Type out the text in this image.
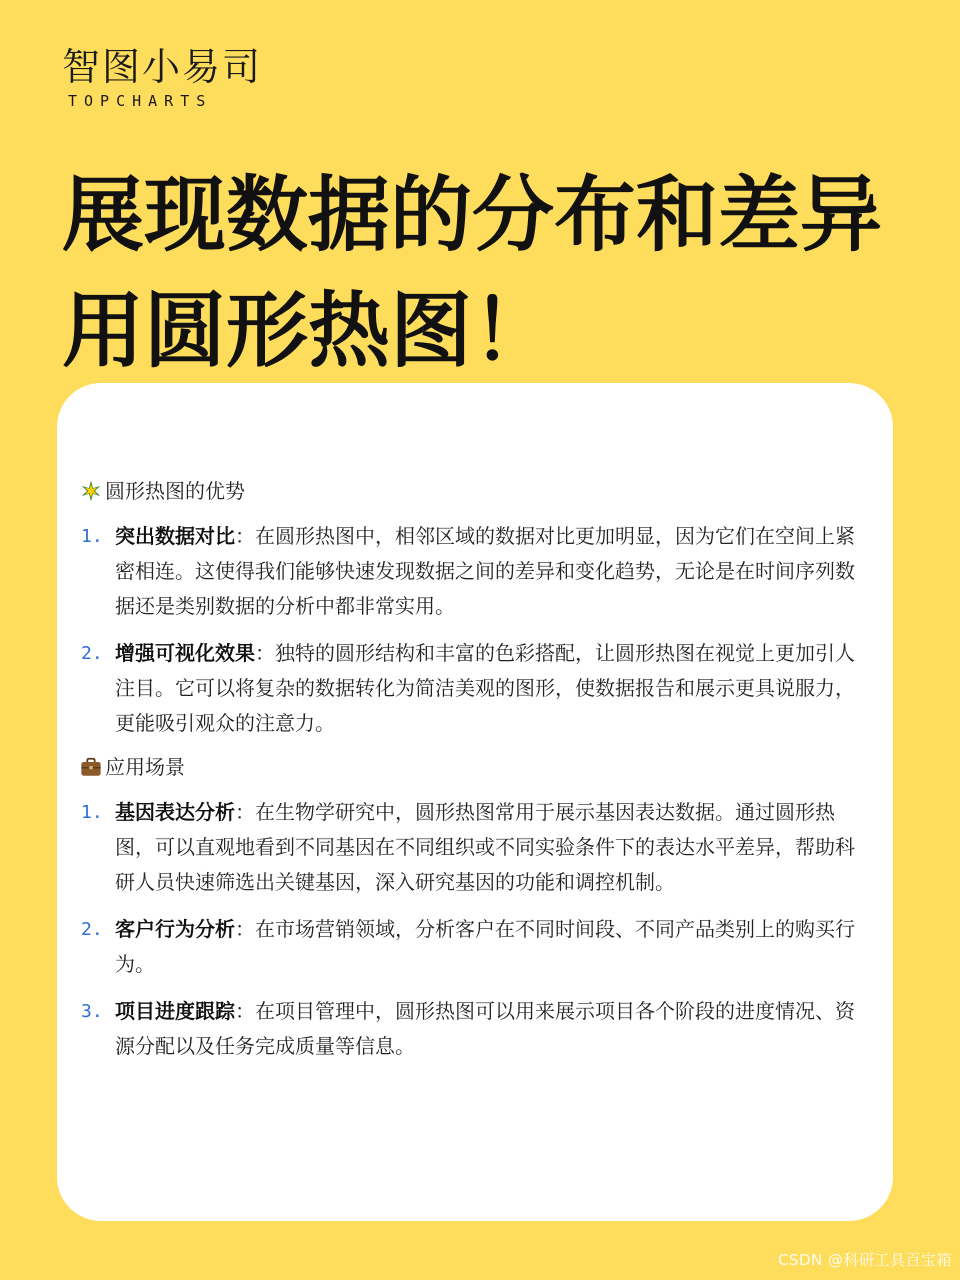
智图小易司
TOPCHARTS
展现数据的分布和差异
用圆形热图！
圆形热图的优势
1. 突出数据对比：在圆形热图中，相邻区域的数据对比更加明显，因为它们在空间上紧密相连。这使得我们能够快速发现数据之间的差异和变化趋势，无论是在时间序列数据还是类别数据的分析中都非常实用。
2. 增强可视化效果：独特的圆形结构和丰富的色彩搭配，让圆形热图在视觉上更加引人注目。它可以将复杂的数据转化为简洁美观的图形，使数据报告和展示更具说服力，更能吸引观众的注意力。
应用场景
1. 基因表达分析：在生物学研究中，圆形热图常用于展示基因表达数据。通过圆形热图，可以直观地看到不同基因在不同组织或不同实验条件下的表达水平差异，帮助科研人员快速筛选出关键基因，深入研究基因的功能和调控机制。
2. 客户行为分析：在市场营销领域，分析客户在不同时间段、不同产品类别上的购买行为。
3. 项目进度跟踪：在项目管理中，圆形热图可以用来展示项目各个阶段的进度情况、资源分配以及任务完成质量等信息。
CSDN @科研工具百宝箱
